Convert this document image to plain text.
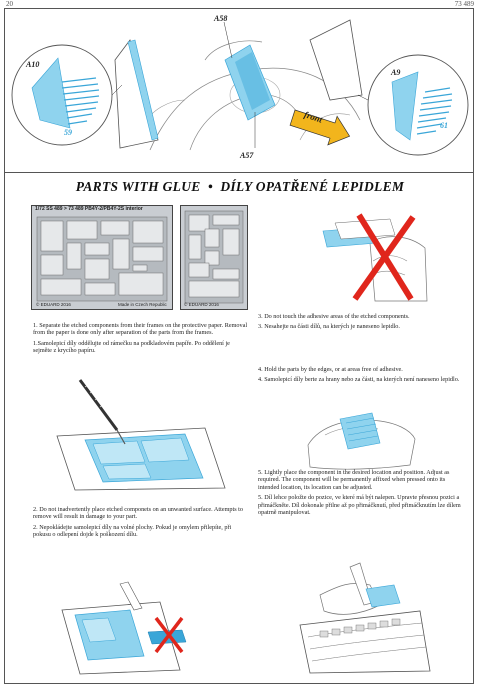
20	73 489
A10
A58
A9
A57
59
61
front
PARTS WITH GLUE • DÍLY OPATŘENÉ LEPIDLEM
1/72 SS 489 > 73 489 PB4Y-2/PB4Y-2S interior
© EDUARD 2016	Made in Czech Republic	© EDUARD 2016

1. Separate the etched components from their frames on the protective paper. Removal from the paper is done only after separation of the parts from the frames.

1.Samolepicí díly oddělujte od rámečku na podkladovém papíře. Po oddělení je sejměte z krycího papíru.

3. Do not touch the adhesive areas of the etched components.

3. Nesahejte na části dílů, na kterých je naneseno lepidlo.

4. Hold the parts by the edges, or at areas free of adhesive.

4. Samolepicí díly berte za hrany nebo za části, na kterých není naneseno lepidlo.

5. Lightly place the component in the desired location and position. Adjust as required. The component will be permanently affixed when pressed onto its intended location, its location can be adjusted.

5. Díl lehce položte do pozice, ve které má být nalepen. Upravte přesnou pozici a přimáčkněte. Díl dokonale přilne až po přimáčknutí, před přimáčknutím lze dílem opatrně manipulovat.

2. Do not inadvertently place etched componets on an unwanted surface. Attempts to remove will result in damage to your part.

2. Nepokládejte samolepicí díly na volné plochy. Pokud je omylem přilepíte, při pokusu o odlepení dojde k poškození dílu.
